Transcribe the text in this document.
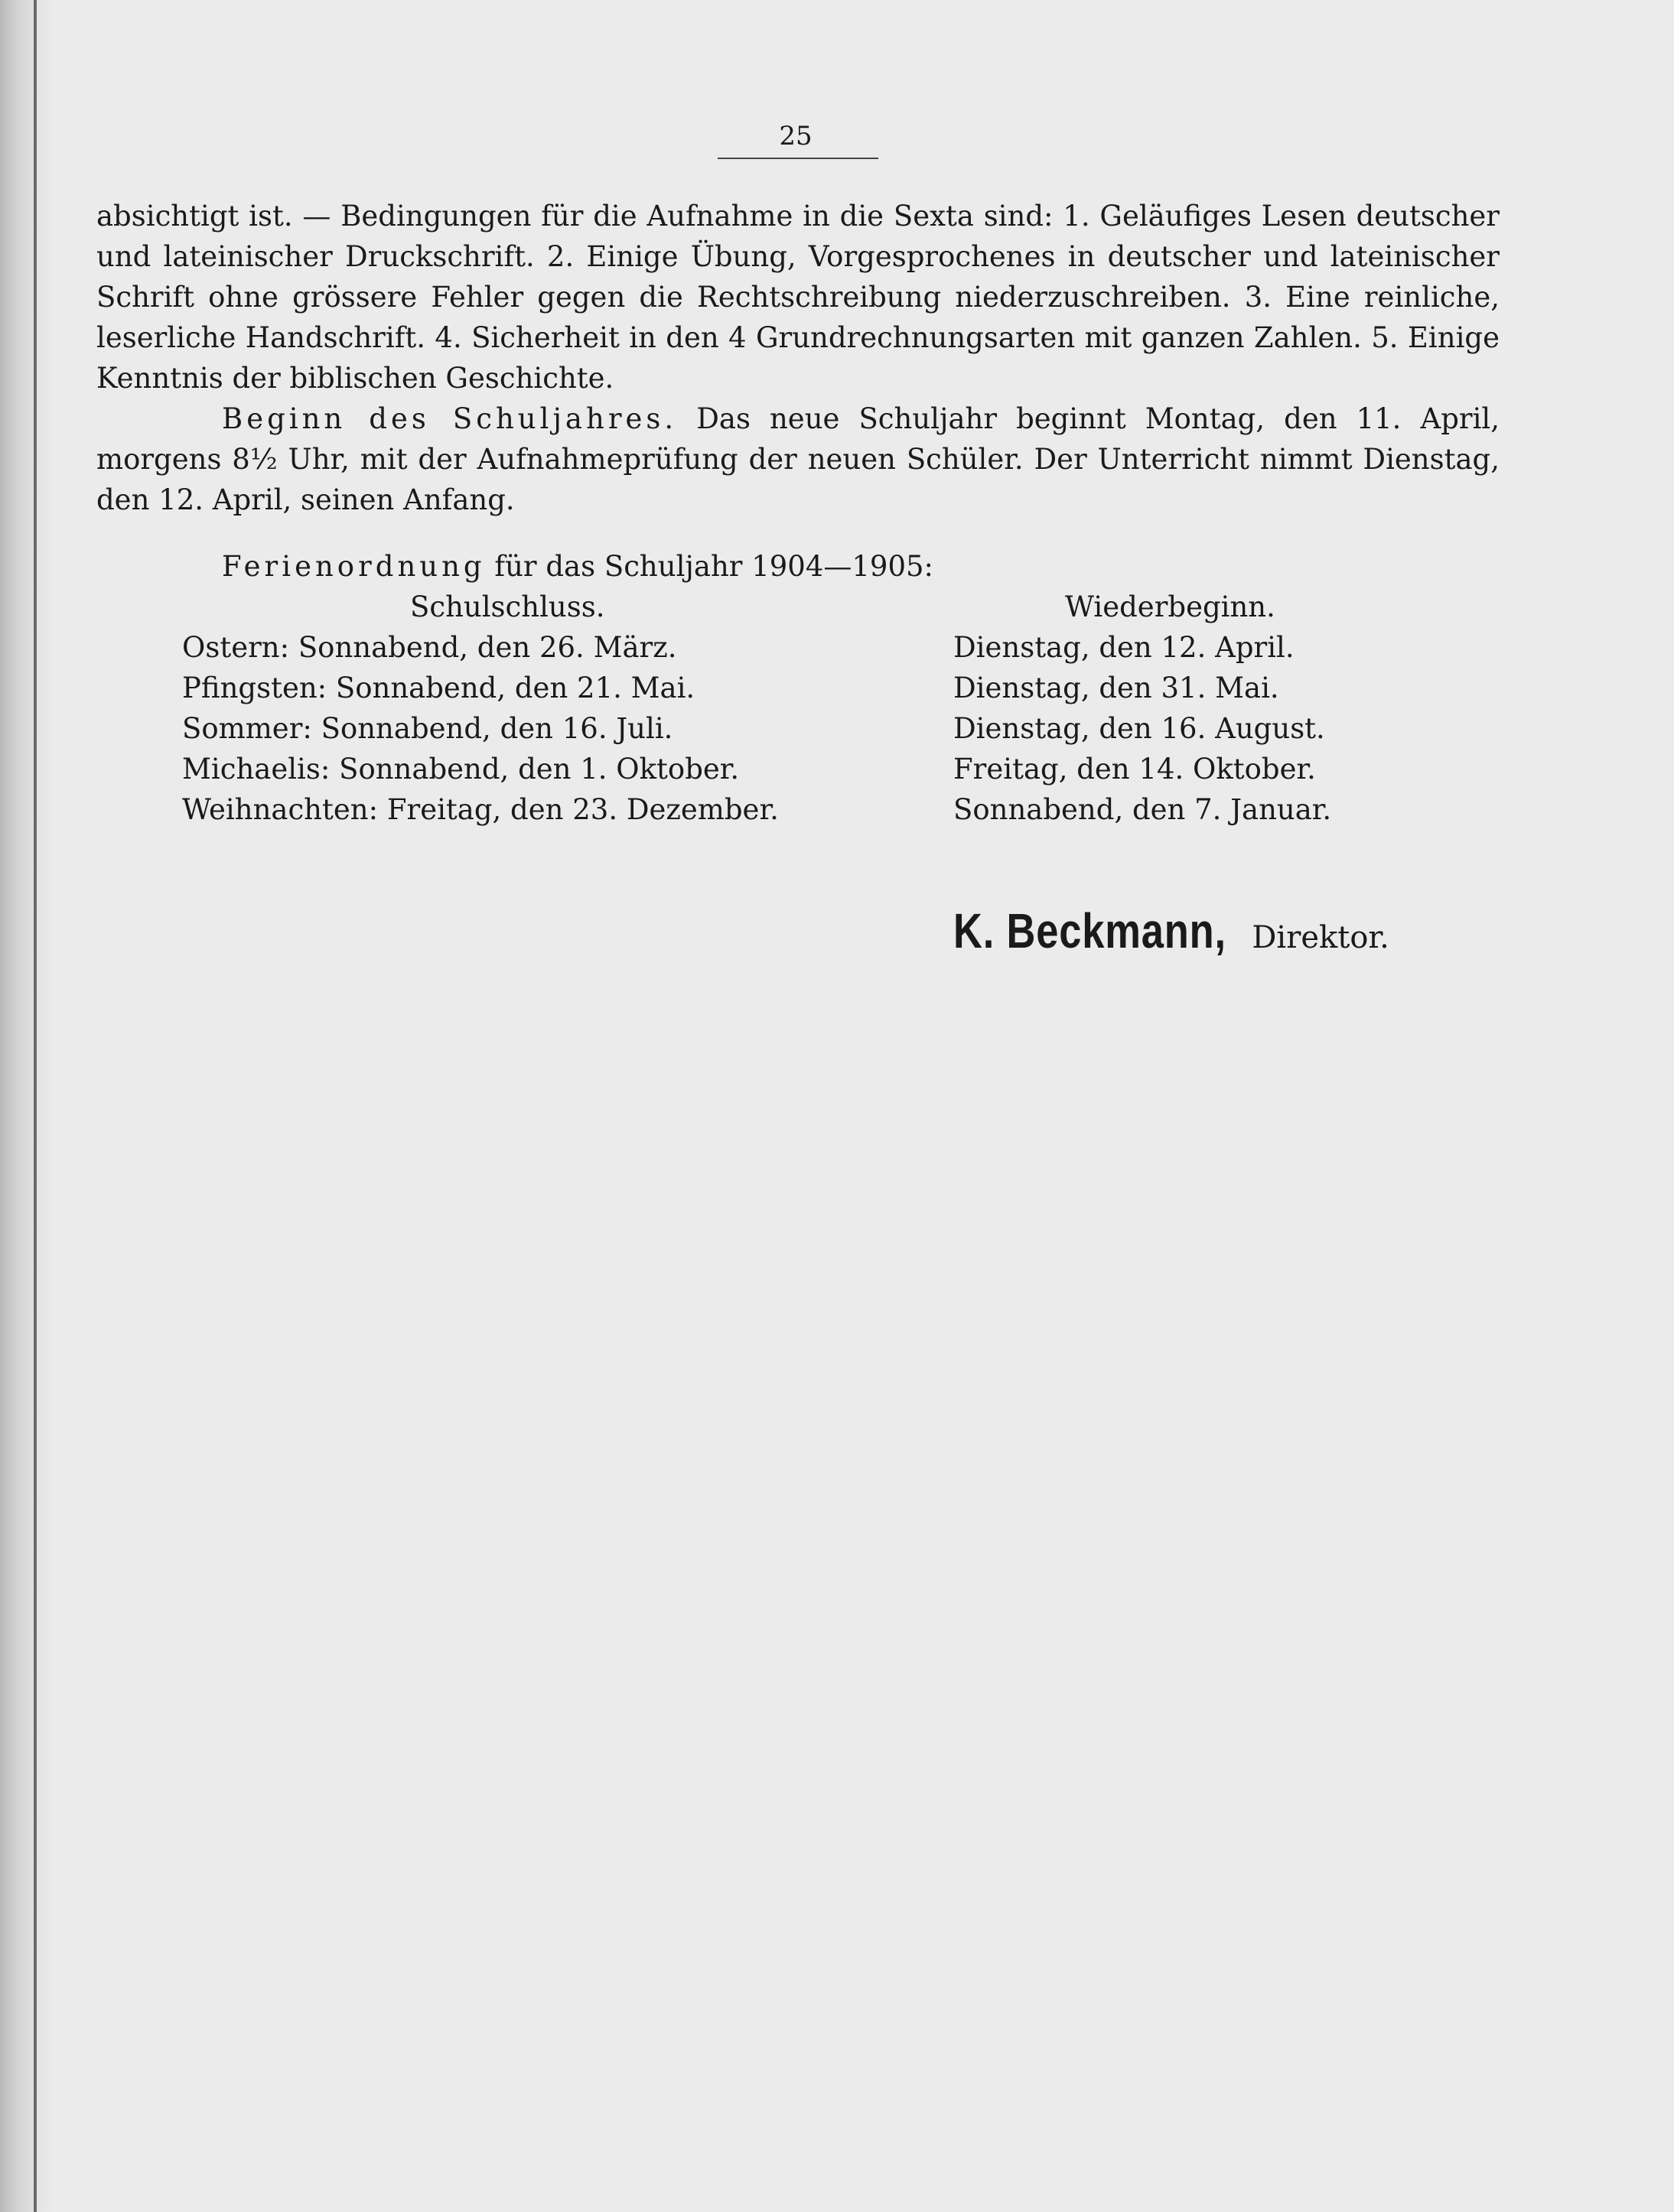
25

absichtigt ist. — Bedingungen für die Aufnahme in die Sexta sind: 1. Geläufiges Lesen deutscher und lateinischer Druckschrift. 2. Einige Übung, Vorgesprochenes in deutscher und lateinischer Schrift ohne grössere Fehler gegen die Rechtschreibung niederzuschreiben. 3. Eine reinliche, leserliche Handschrift. 4. Sicherheit in den 4 Grundrechnungsarten mit ganzen Zahlen. 5. Einige Kenntnis der biblischen Geschichte.

Beginn des Schuljahres. Das neue Schuljahr beginnt Montag, den 11. April, morgens 8½ Uhr, mit der Aufnahmeprüfung der neuen Schüler. Der Unterricht nimmt Dienstag, den 12. April, seinen Anfang.

Ferienordnung für das Schuljahr 1904—1905:
Schulschluss.	Wiederbeginn.
Ostern: Sonnabend, den 26. März.
Pfingsten: Sonnabend, den 21. Mai.
Sommer: Sonnabend, den 16. Juli.
Michaelis: Sonnabend, den 1. Oktober.
Weihnachten: Freitag, den 23. Dezember.
Dienstag, den 12. April.
Dienstag, den 31. Mai.
Dienstag, den 16. August.
Freitag, den 14. Oktober.
Sonnabend, den 7. Januar.
K. Beckmann, Direktor.
